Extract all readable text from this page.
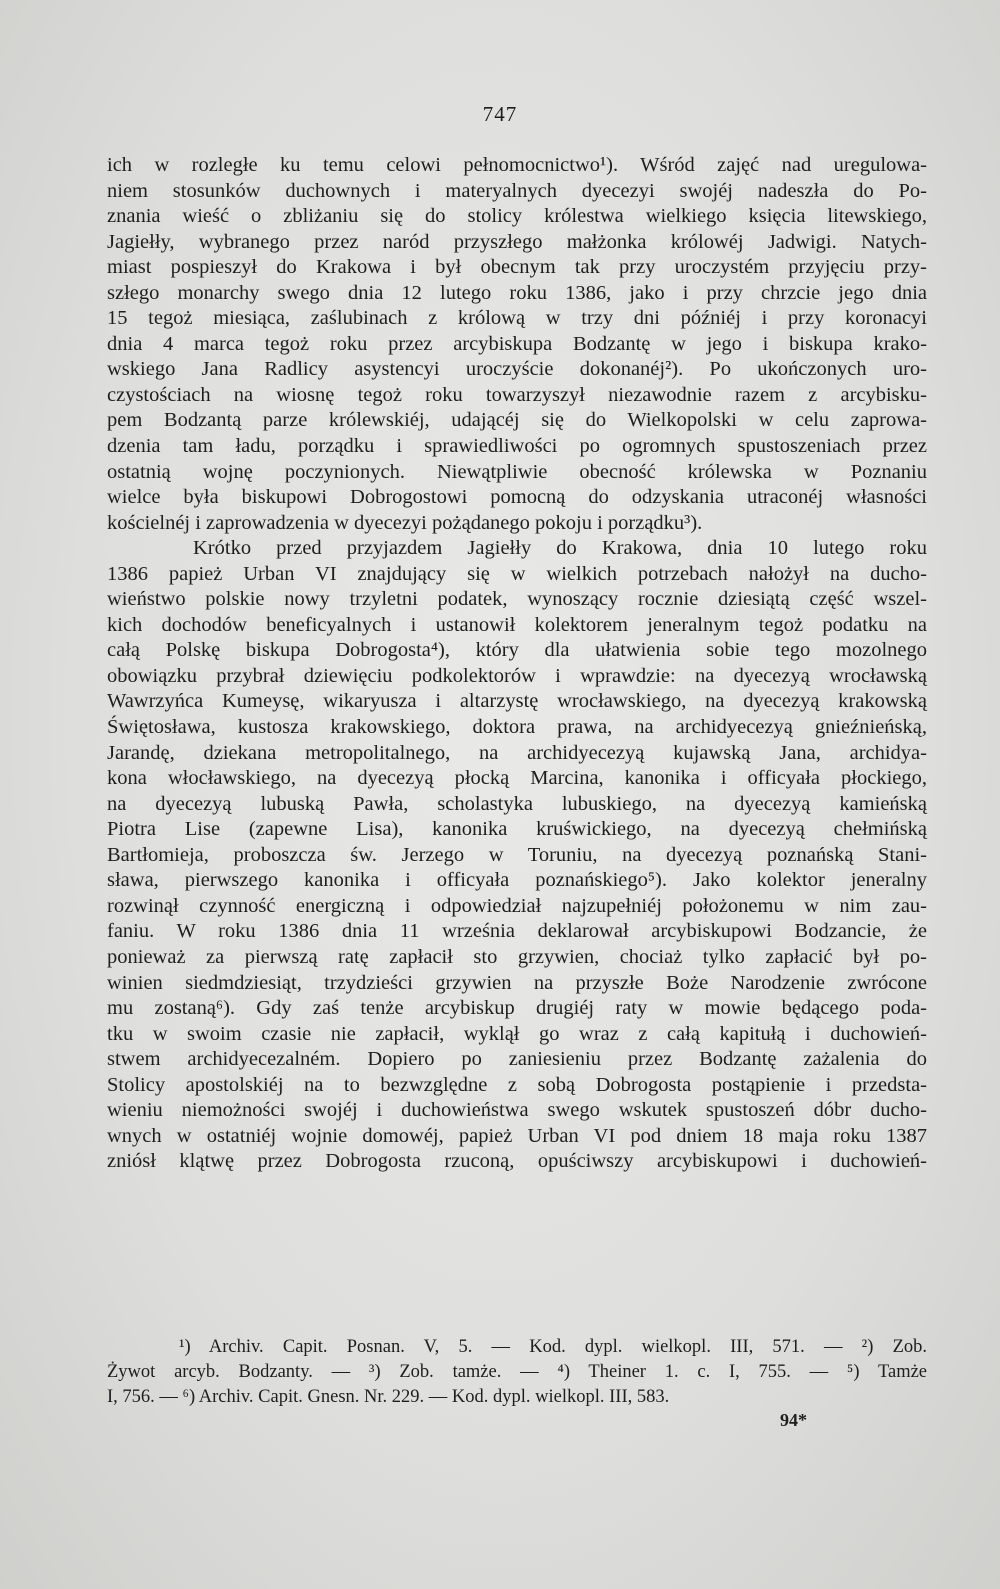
747
ich w rozległe ku temu celowi pełnomocnictwo¹). Wśród zajęć nad uregulowa-
niem stosunków duchownych i materyalnych dyecezyi swojéj nadeszła do Po-
znania wieść o zbliżaniu się do stolicy królestwa wielkiego księcia litewskiego,
Jagiełły, wybranego przez naród przyszłego małżonka królowéj Jadwigi. Natych-
miast pospieszył do Krakowa i był obecnym tak przy uroczystém przyjęciu przy-
szłego monarchy swego dnia 12 lutego roku 1386, jako i przy chrzcie jego dnia
15 tegoż miesiąca, zaślubinach z królową w trzy dni późniéj i przy koronacyi
dnia 4 marca tegoż roku przez arcybiskupa Bodzantę w jego i biskupa krako-
wskiego Jana Radlicy asystencyi uroczyście dokonanéj²). Po ukończonych uro-
czystościach na wiosnę tegoż roku towarzyszył niezawodnie razem z arcybisku-
pem Bodzantą parze królewskiéj, udającéj się do Wielkopolski w celu zaprowa-
dzenia tam ładu, porządku i sprawiedliwości po ogromnych spustoszeniach przez
ostatnią wojnę poczynionych. Niewątpliwie obecność królewska w Poznaniu
wielce była biskupowi Dobrogostowi pomocną do odzyskania utraconéj własności
kościelnéj i zaprowadzenia w dyecezyi pożądanego pokoju i porządku³).
Krótko przed przyjazdem Jagiełły do Krakowa, dnia 10 lutego roku
1386 papież Urban VI znajdujący się w wielkich potrzebach nałożył na ducho-
wieństwo polskie nowy trzyletni podatek, wynoszący rocznie dziesiątą część wszel-
kich dochodów beneficyalnych i ustanowił kolektorem jeneralnym tegoż podatku na
całą Polskę biskupa Dobrogosta⁴), który dla ułatwienia sobie tego mozolnego
obowiązku przybrał dziewięciu podkolektorów i wprawdzie: na dyecezyą wrocławską
Wawrzyńca Kumeysę, wikaryusza i altarzystę wrocławskiego, na dyecezyą krakowską
Świętosława, kustosza krakowskiego, doktora prawa, na archidyecezyą gnieźnieńską,
Jarandę, dziekana metropolitalnego, na archidyecezyą kujawską Jana, archidya-
kona włocławskiego, na dyecezyą płocką Marcina, kanonika i officyała płockiego,
na dyecezyą lubuską Pawła, scholastyka lubuskiego, na dyecezyą kamieńską
Piotra Lise (zapewne Lisa), kanonika kruświckiego, na dyecezyą chełmińską
Bartłomieja, proboszcza św. Jerzego w Toruniu, na dyecezyą poznańską Stani-
sława, pierwszego kanonika i officyała poznańskiego⁵). Jako kolektor jeneralny
rozwinął czynność energiczną i odpowiedział najzupełniéj położonemu w nim zau-
faniu. W roku 1386 dnia 11 września deklarował arcybiskupowi Bodzancie, że
ponieważ za pierwszą ratę zapłacił sto grzywien, chociaż tylko zapłacić był po-
winien siedmdziesiąt, trzydzieści grzywien na przyszłe Boże Narodzenie zwrócone
mu zostaną⁶). Gdy zaś tenże arcybiskup drugiéj raty w mowie będącego poda-
tku w swoim czasie nie zapłacił, wyklął go wraz z całą kapitułą i duchowień-
stwem archidyecezalném. Dopiero po zaniesieniu przez Bodzantę zażalenia do
Stolicy apostolskiéj na to bezwzględne z sobą Dobrogosta postąpienie i przedsta-
wieniu niemożności swojéj i duchowieństwa swego wskutek spustoszeń dóbr ducho-
wnych w ostatniéj wojnie domowéj, papież Urban VI pod dniem 18 maja roku 1387
zniósł klątwę przez Dobrogosta rzuconą, opuściwszy arcybiskupowi i duchowień-
¹) Archiv. Capit. Posnan. V, 5. — Kod. dypl. wielkopl. III, 571. — ²) Zob.
Żywot arcyb. Bodzanty. — ³) Zob. tamże. — ⁴) Theiner 1. c. I, 755. — ⁵) Tamże
I, 756. — ⁶) Archiv. Capit. Gnesn. Nr. 229. — Kod. dypl. wielkopl. III, 583.
94*
